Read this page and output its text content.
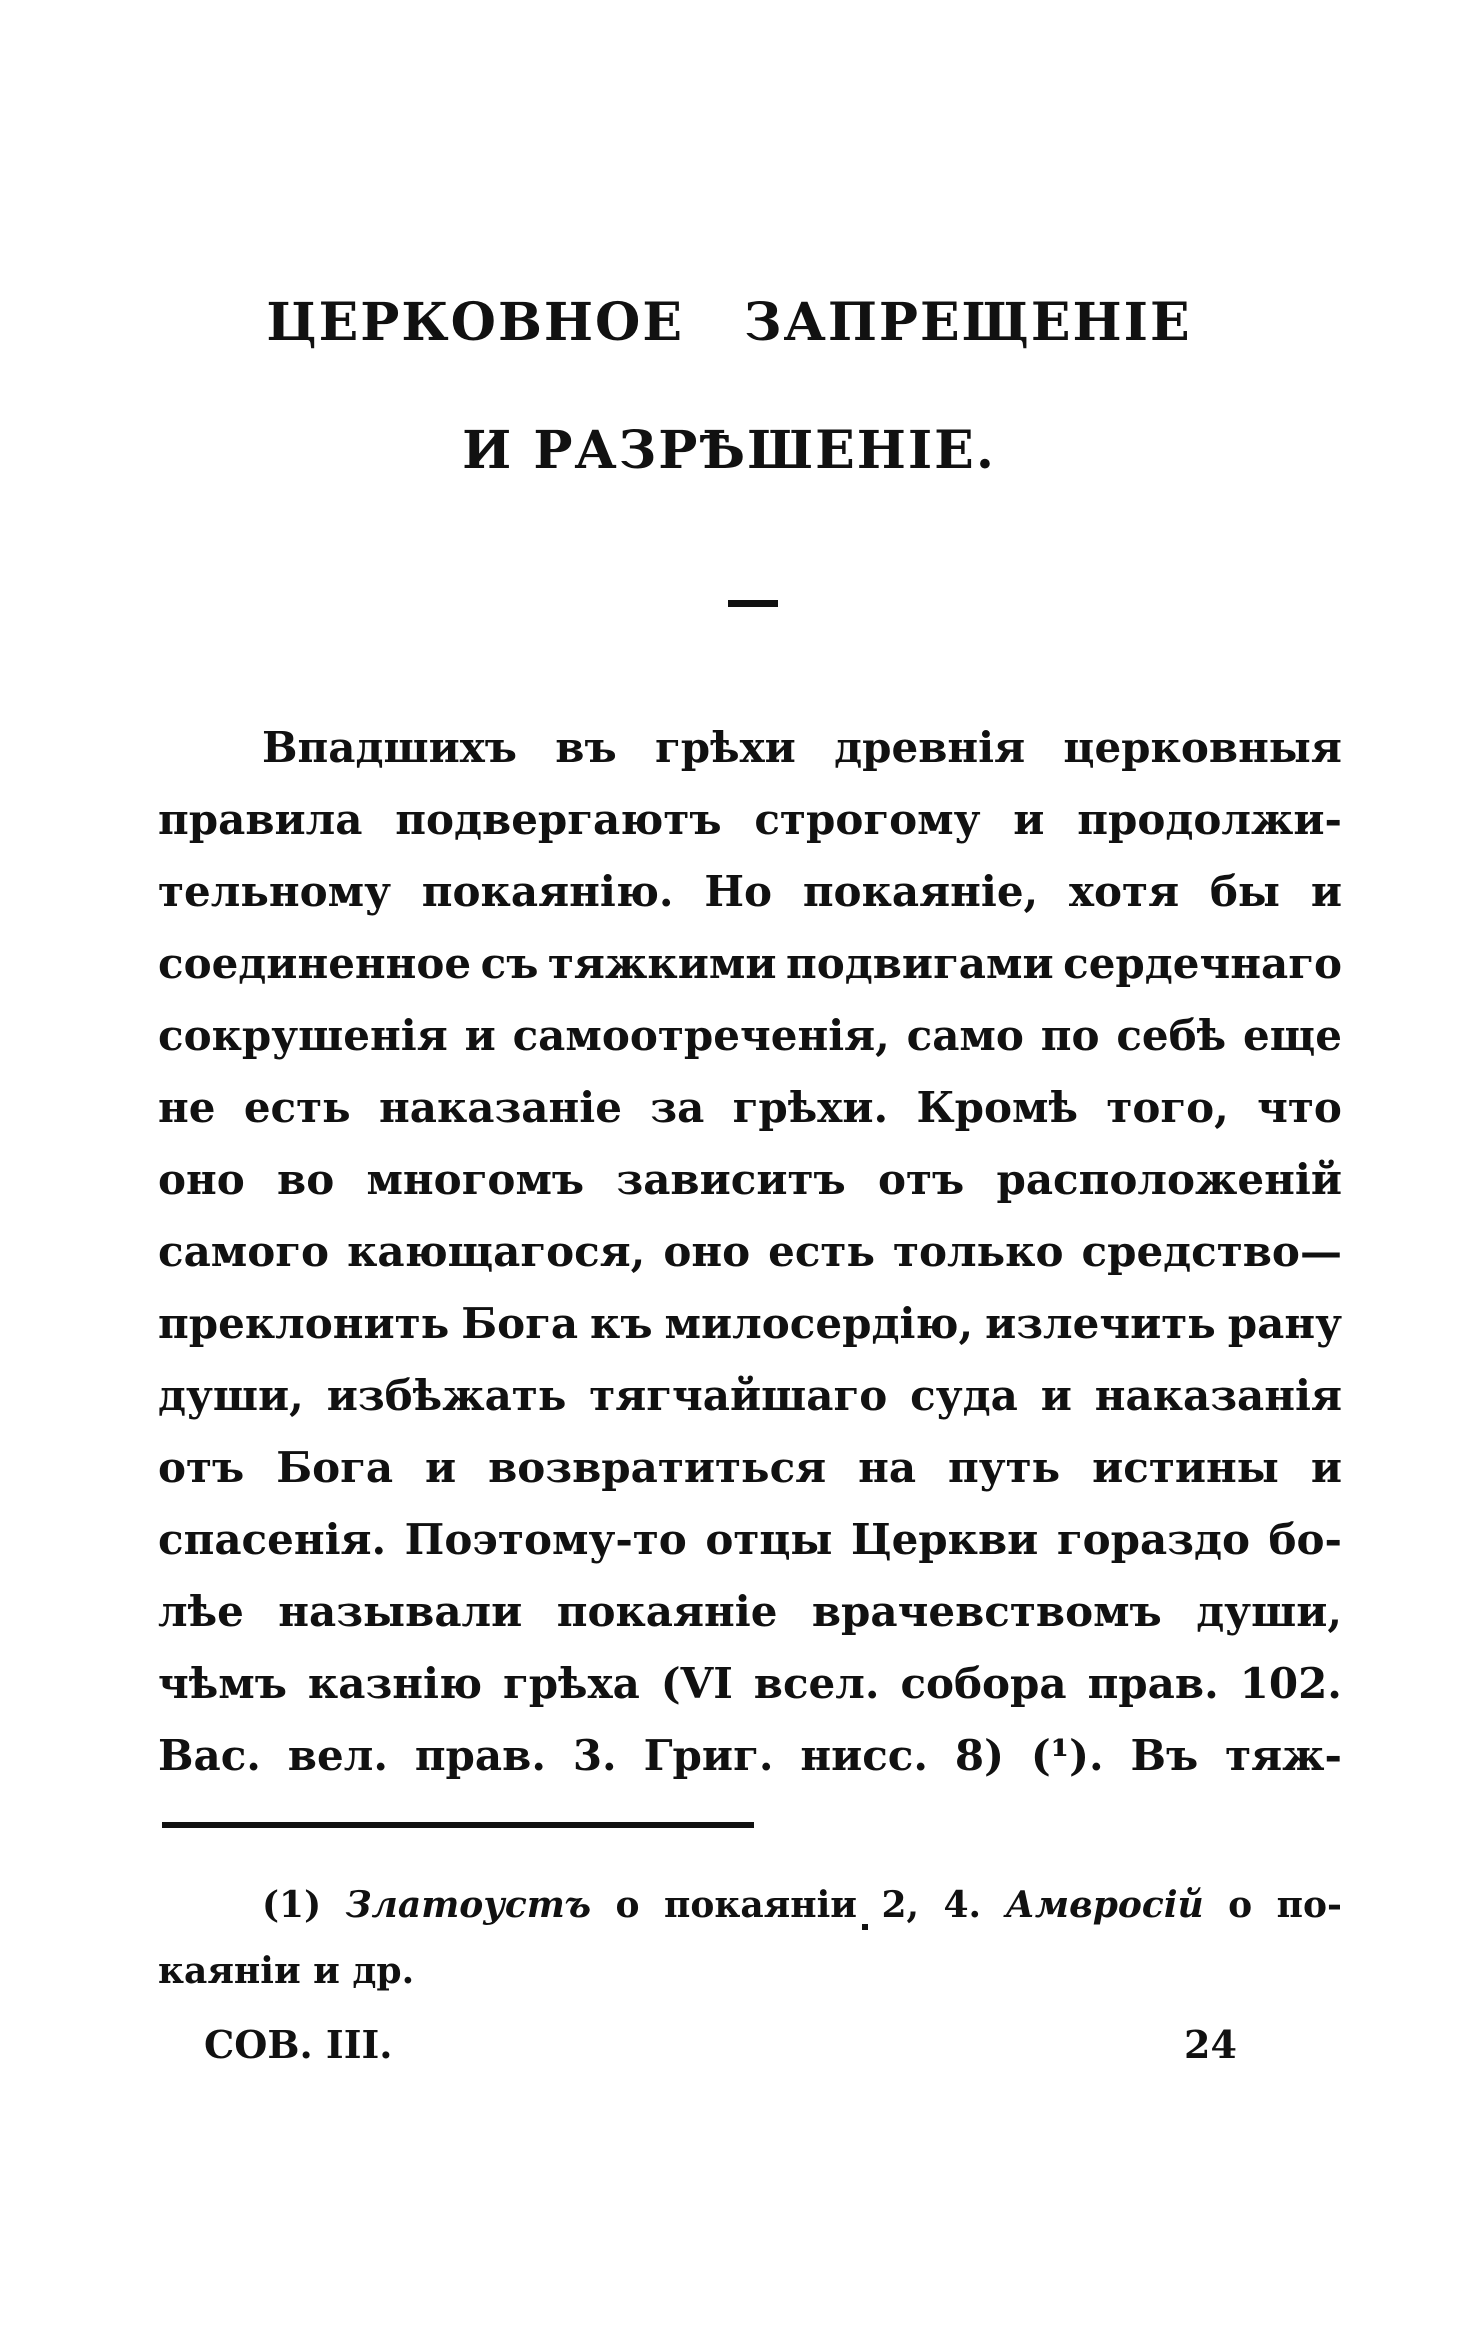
ЦЕРКОВНОЕ ЗАПРЕЩЕНІЕ
И РАЗРѢШЕНІЕ.
Впадшихъ въ грѣхи древнія церковныя
правила подвергаютъ строгому и продолжи-
тельному покаянію. Но покаяніе, хотя бы и
соединенное съ тяжкими подвигами сердечнаго
сокрушенія и самоотреченія, само по себѣ еще
не есть наказаніе за грѣхи. Кромѣ того, что
оно во многомъ зависитъ отъ расположеній
самого кающагося, оно есть только средство—
преклонить Бога къ милосердію, излечить рану
души, избѣжать тягчайшаго суда и наказанія
отъ Бога и возвратиться на путь истины и
спасенія. Поэтому-то отцы Церкви гораздо бо-
лѣе называли покаяніе врачевствомъ души,
чѣмъ казнію грѣха (VI всел. собора прав. 102.
Вас. вел. прав. 3. Григ. нисс. 8) (¹). Въ тяж-
(1) Златоустъ о покаяніи 2, 4. Амвросій о по-
каяніи и др.
СОВ. III.	24
